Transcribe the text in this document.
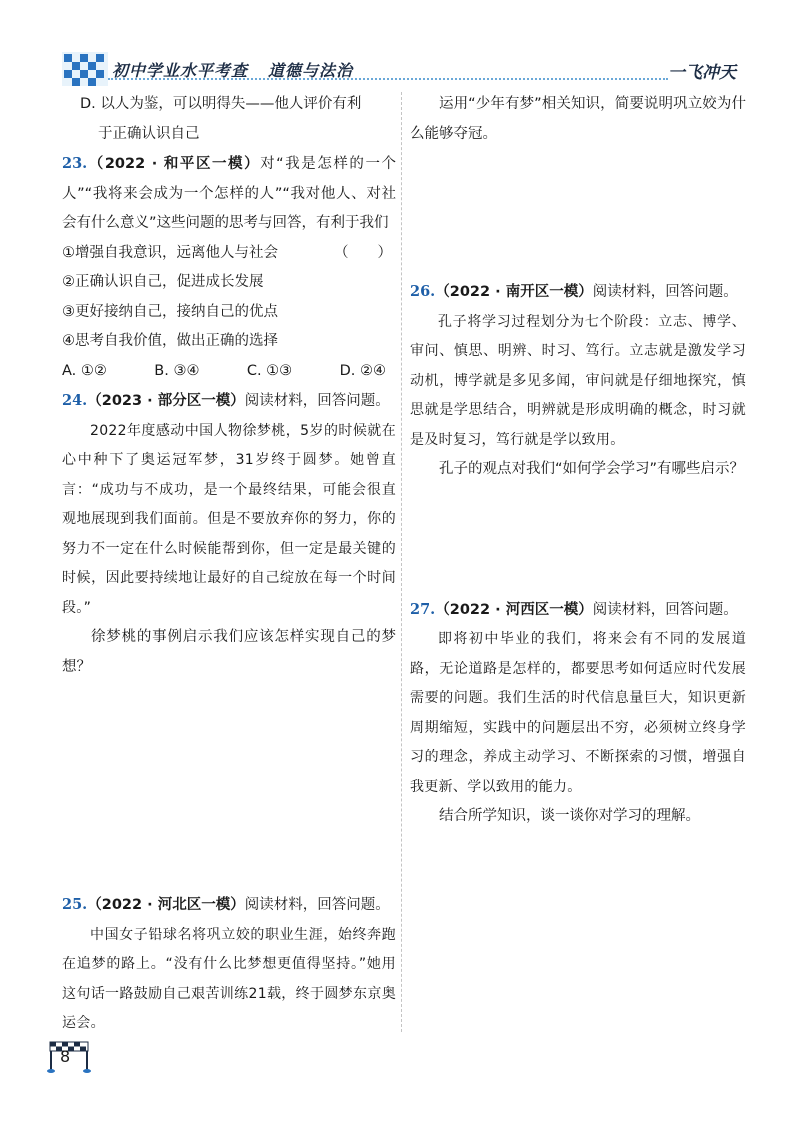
初中学业水平考查 道德与法治	一飞冲天

D. 以人为鉴，可以明得失——他人评价有利

于正确认识自己

23.（2022 · 和平区一模）对“我是怎样的一个人”“我将来会成为一个怎样的人”“我对他人、对社会有什么意义”这些问题的思考与回答，有利于我们
（　　）

①增强自我意识，远离他人与社会

②正确认识自己，促进成长发展

③更好接纳自己，接纳自己的优点

④思考自我价值，做出正确的选择

A. ①②	B. ③④	C. ①③	D. ②④

24.（2023 · 部分区一模）阅读材料，回答问题。

2022年度感动中国人物徐梦桃，5岁的时候就在心中种下了奥运冠军梦，31岁终于圆梦。她曾直言：“成功与不成功，是一个最终结果，可能会很直观地展现到我们面前。但是不要放弃你的努力，你的努力不一定在什么时候能帮到你，但一定是最关键的时候，因此要持续地让最好的自己绽放在每一个时间段。”

徐梦桃的事例启示我们应该怎样实现自己的梦想？

25.（2022 · 河北区一模）阅读材料，回答问题。

中国女子铅球名将巩立姣的职业生涯，始终奔跑在追梦的路上。“没有什么比梦想更值得坚持。”她用这句话一路鼓励自己艰苦训练21载，终于圆梦东京奥运会。

运用“少年有梦”相关知识，简要说明巩立姣为什么能够夺冠。

26.（2022 · 南开区一模）阅读材料，回答问题。

孔子将学习过程划分为七个阶段：立志、博学、审问、慎思、明辨、时习、笃行。立志就是激发学习动机，博学就是多见多闻，审问就是仔细地探究，慎思就是学思结合，明辨就是形成明确的概念，时习就是及时复习，笃行就是学以致用。

孔子的观点对我们“如何学会学习”有哪些启示？

27.（2022 · 河西区一模）阅读材料，回答问题。

即将初中毕业的我们，将来会有不同的发展道路，无论道路是怎样的，都要思考如何适应时代发展需要的问题。我们生活的时代信息量巨大，知识更新周期缩短，实践中的问题层出不穷，必须树立终身学习的理念，养成主动学习、不断探索的习惯，增强自我更新、学以致用的能力。

结合所学知识，谈一谈你对学习的理解。

8
